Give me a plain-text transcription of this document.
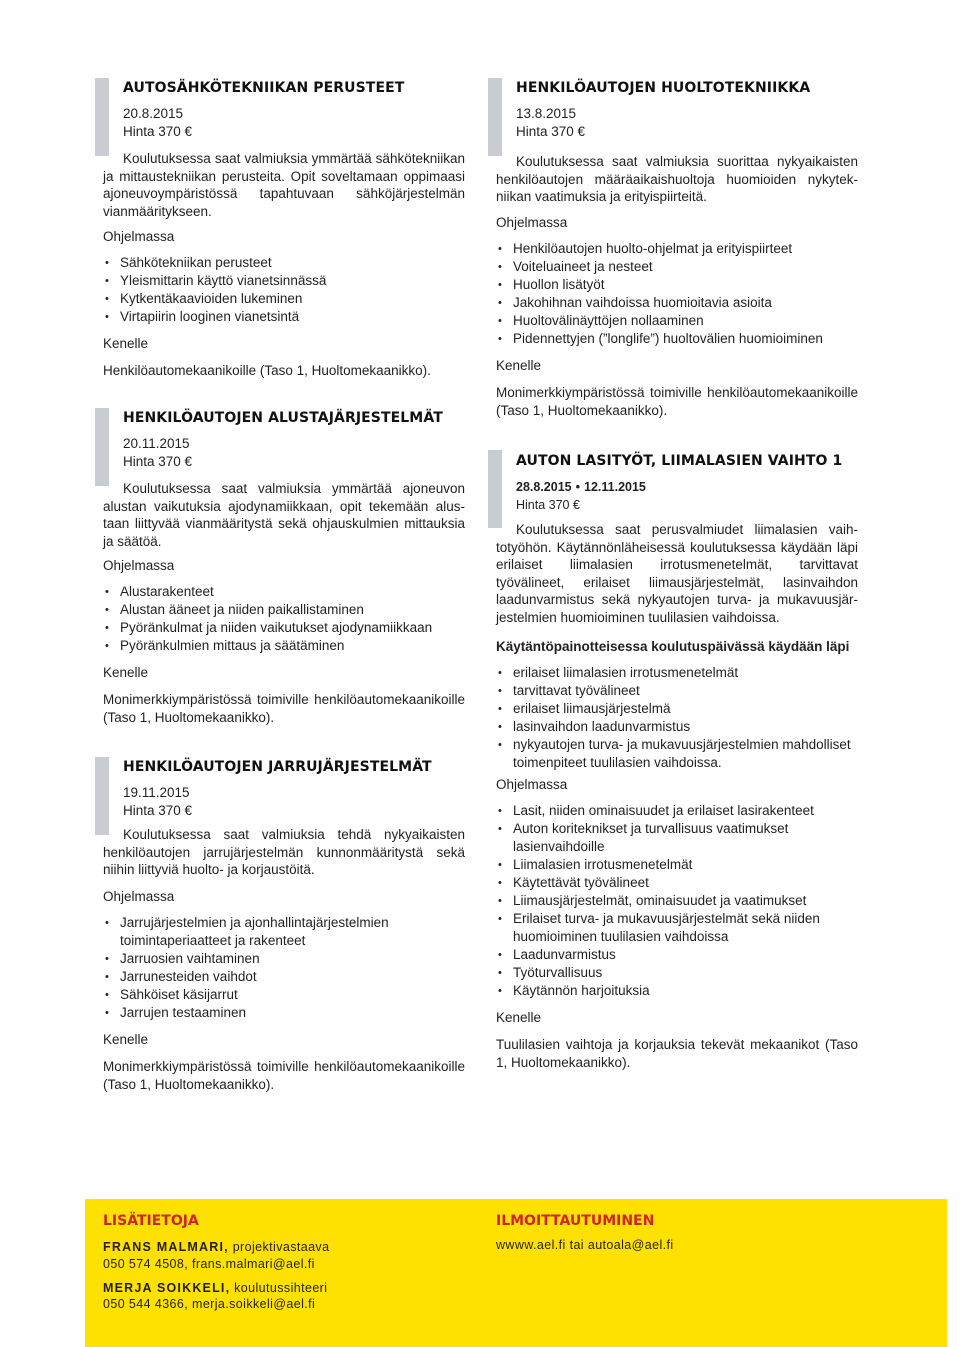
AUTOSÄHKÖTEKNIIKAN PERUSTEET
20.8.2015
Hinta 370 €

Koulutuksessa saat valmiuksia ymmärtää sähkötekniikan ja mittaustekniikan perusteita. Opit soveltamaan oppimaasi ajoneuvoympäristössä tapahtuvaan sähköjärjestelmän vianmääritykseen.

Ohjelmassa

• Sähkötekniikan perusteet
• Yleismittarin käyttö vianetsinnässä
• Kytkentäkaavioiden lukeminen
• Virtapiirin looginen vianetsintä

Kenelle

Henkilöautomekaanikoille (Taso 1, Huoltomekaanikko).

HENKILÖAUTOJEN ALUSTAJÄRJESTELMÄT
20.11.2015
Hinta 370 €

Koulutuksessa saat valmiuksia ymmärtää ajoneuvon alustan vaikutuksia ajodynamiikkaan, opit tekemään alustaan liittyvää vianmääritystä sekä ohjauskulmien mittauksia ja säätöä.

Ohjelmassa

• Alustarakenteet
• Alustan ääneet ja niiden paikallistaminen
• Pyöränkulmat ja niiden vaikutukset ajodynamiikkaan
• Pyöränkulmien mittaus ja säätäminen

Kenelle

Monimerkkiympäristössä toimiville henkilöautomekaanikoille (Taso 1, Huoltomekaanikko).

HENKILÖAUTOJEN JARRUJÄRJESTELMÄT
19.11.2015
Hinta 370 €

Koulutuksessa saat valmiuksia tehdä nykyaikaisten henkilöautojen jarrujärjestelmän kunnonmääritystä sekä niihin liittyviä huolto- ja korjaustöitä.

Ohjelmassa

• Jarrujärjestelmien ja ajonhallintajärjestelmien toimintaperiaatteet ja rakenteet
• Jarruosien vaihtaminen
• Jarrunesteiden vaihdot
• Sähköiset käsijarrut
• Jarrujen testaaminen

Kenelle

Monimerkkiympäristössä toimiville henkilöautomekaanikoille (Taso 1, Huoltomekaanikko).

HENKILÖAUTOJEN HUOLTOTEKNIIKKA
13.8.2015
Hinta 370 €

Koulutuksessa saat valmiuksia suorittaa nykyaikaisten henkilöautojen määräaikaishuoltoja huomioiden nykytekniikan vaatimuksia ja erityispiirteitä.

Ohjelmassa

• Henkilöautojen huolto-ohjelmat ja erityispiirteet
• Voiteluaineet ja nesteet
• Huollon lisätyöt
• Jakohihnan vaihdoissa huomioitavia asioita
• Huoltovälinäyttöjen nollaaminen
• Pidennettyjen (”longlife”) huoltovälien huomioiminen

Kenelle

Monimerkkiympäristössä toimiville henkilöautomekaanikoille (Taso 1, Huoltomekaanikko).

AUTON LASITYÖT, LIIMALASIEN VAIHTO 1
28.8.2015 • 12.11.2015
Hinta 370 €

Koulutuksessa saat perusvalmiudet liimalasien vaihtotyöhön. Käytännönläheisessä koulutuksessa käydään läpi erilaiset liimalasien irrotusmenetelmät, tarvittavat työvälineet, erilaiset liimausjärjestelmät, lasinvaihdon laadunvarmistus sekä nykyautojen turva- ja mukavuusjärjestelmien huomioiminen tuulilasien vaihdoissa.

Käytäntöpainotteisessa koulutuspäivässä käydään läpi

• erilaiset liimalasien irrotusmenetelmät
• tarvittavat työvälineet
• erilaiset liimausjärjestelmä
• lasinvaihdon laadunvarmistus
• nykyautojen turva- ja mukavuusjärjestelmien mahdolliset toimenpiteet tuulilasien vaihdoissa.

Ohjelmassa

• Lasit, niiden ominaisuudet ja erilaiset lasirakenteet
• Auton koriteknikset ja turvallisuus vaatimukset lasienvaihdoille
• Liimalasien irrotusmenetelmät
• Käytettävät työvälineet
• Liimausjärjestelmät, ominaisuudet ja vaatimukset
• Erilaiset turva- ja mukavuusjärjestelmät sekä niiden huomioiminen tuulilasien vaihdoissa
• Laadunvarmistus
• Työturvallisuus
• Käytännön harjoituksia

Kenelle

Tuulilasien vaihtoja ja korjauksia tekevät mekaanikot (Taso 1, Huoltomekaanikko).

LISÄTIETOJA
FRANS MALMARI, projektivastaava
050 574 4508, frans.malmari@ael.fi
MERJA SOIKKELI, koulutussihteeri
050 544 4366, merja.soikkeli@ael.fi
ILMOITTAUTUMINEN
wwww.ael.fi tai autoala@ael.fi
